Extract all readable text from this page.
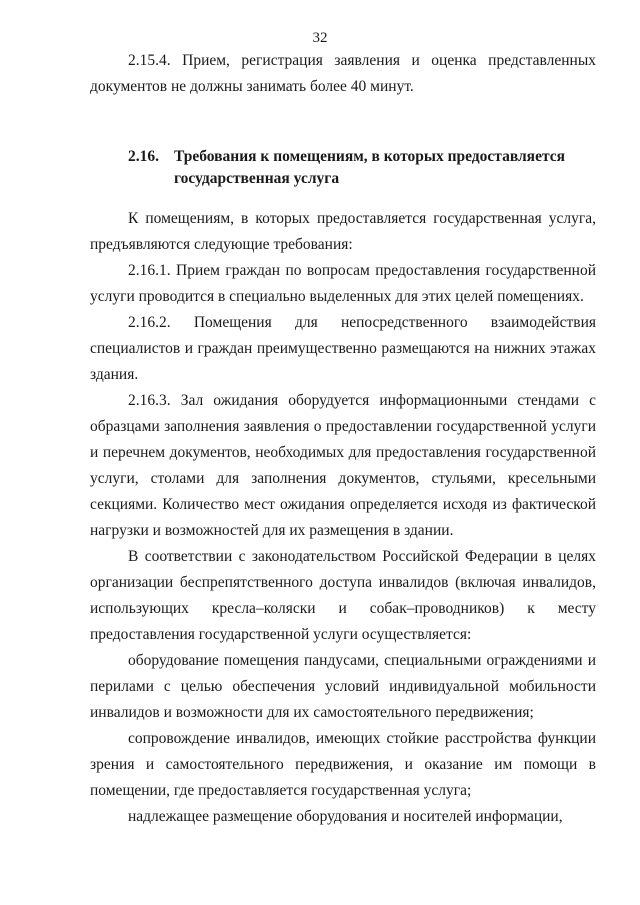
32

2.15.4. Прием, регистрация заявления и оценка представленных документов не должны занимать более 40 минут.

2.16. Требования к помещениям, в которых предоставляется
государственная услуга

К помещениям, в которых предоставляется государственная услуга, предъявляются следующие требования:

2.16.1. Прием граждан по вопросам предоставления государственной услуги проводится в специально выделенных для этих целей помещениях.

2.16.2. Помещения для непосредственного взаимодействия специалистов и граждан преимущественно размещаются на нижних этажах здания.

2.16.3. Зал ожидания оборудуется информационными стендами с образцами заполнения заявления о предоставлении государственной услуги и перечнем документов, необходимых для предоставления государственной услуги, столами для заполнения документов, стульями, кресельными секциями. Количество мест ожидания определяется исходя из фактической нагрузки и возможностей для их размещения в здании.

В соответствии с законодательством Российской Федерации в целях организации беспрепятственного доступа инвалидов (включая инвалидов, использующих кресла–коляски и собак–проводников) к месту предоставления государственной услуги осуществляется:

оборудование помещения пандусами, специальными ограждениями и перилами с целью обеспечения условий индивидуальной мобильности инвалидов и возможности для их самостоятельного передвижения;

сопровождение инвалидов, имеющих стойкие расстройства функции зрения и самостоятельного передвижения, и оказание им помощи в помещении, где предоставляется государственная услуга;

надлежащее размещение оборудования и носителей информации,
